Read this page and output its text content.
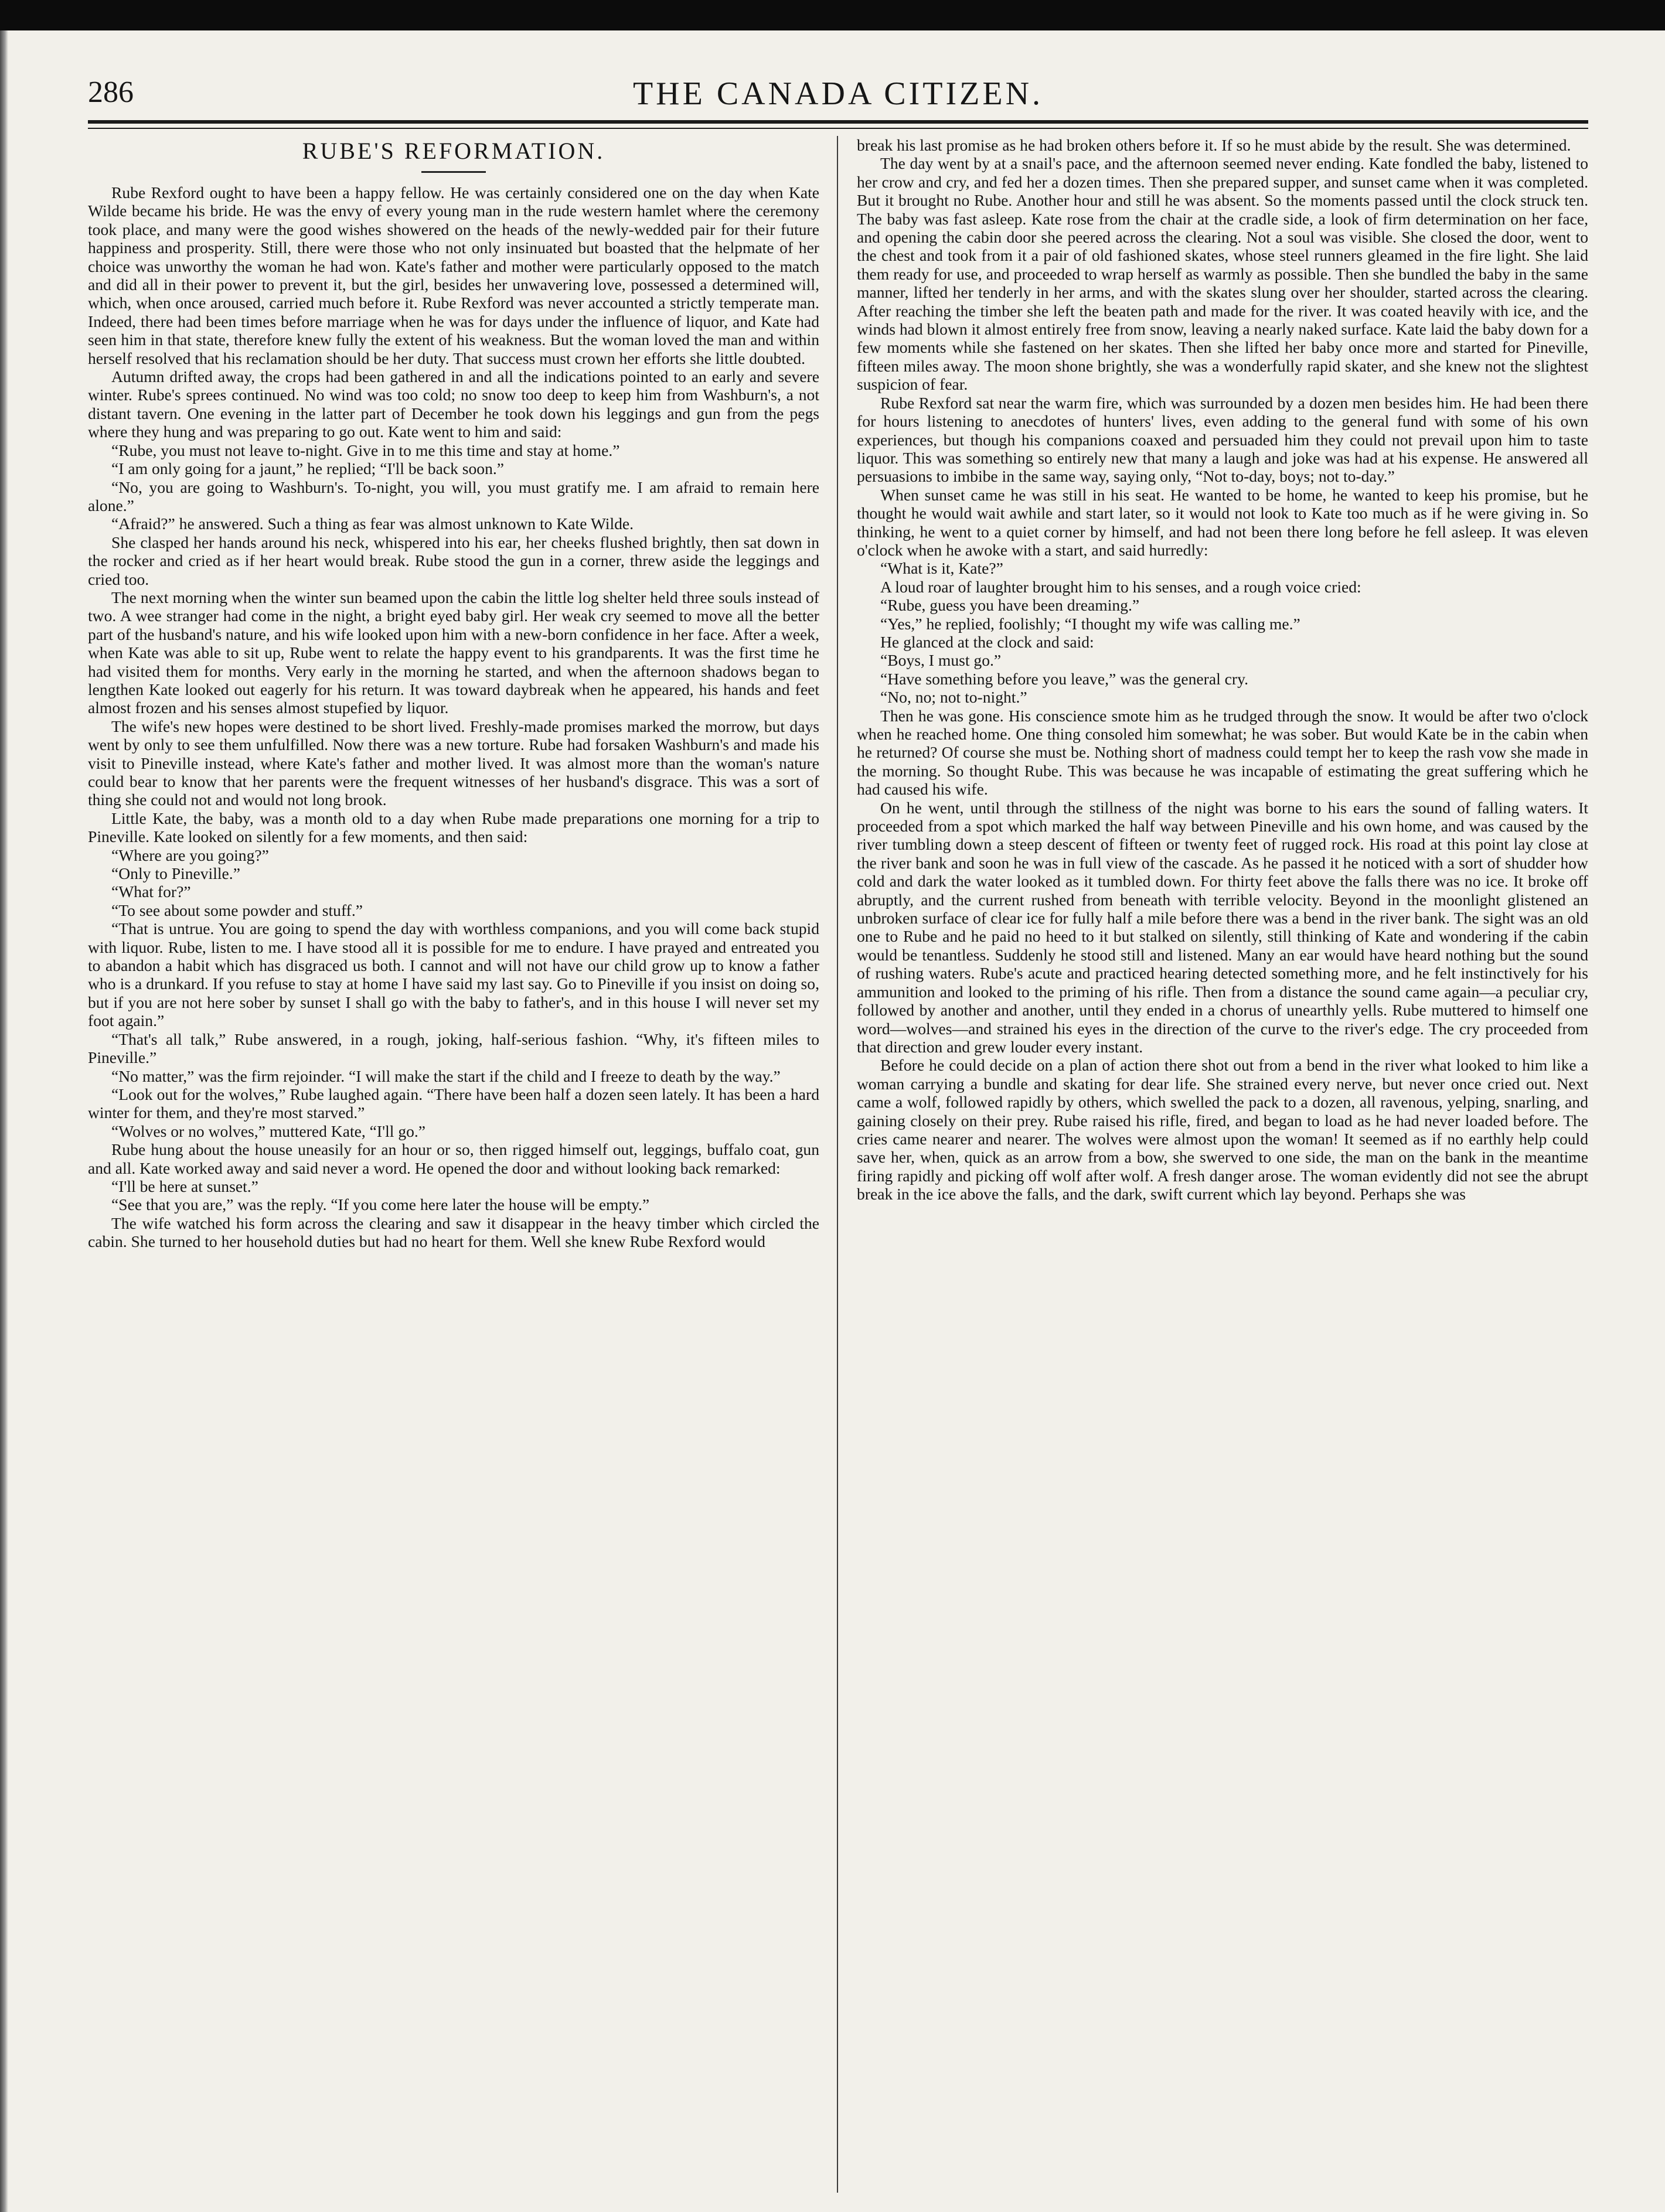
286	THE CANADA CITIZEN.
RUBE'S REFORMATION.

Rube Rexford ought to have been a happy fellow. He was certainly considered one on the day when Kate Wilde became his bride. He was the envy of every young man in the rude western hamlet where the ceremony took place, and many were the good wishes showered on the heads of the newly-wedded pair for their future happiness and prosperity. Still, there were those who not only insinuated but boasted that the helpmate of her choice was unworthy the woman he had won. Kate's father and mother were particularly opposed to the match and did all in their power to prevent it, but the girl, besides her unwavering love, possessed a determined will, which, when once aroused, carried much before it. Rube Rexford was never accounted a strictly temperate man. Indeed, there had been times before marriage when he was for days under the influence of liquor, and Kate had seen him in that state, therefore knew fully the extent of his weakness. But the woman loved the man and within herself resolved that his reclamation should be her duty. That success must crown her efforts she little doubted.

Autumn drifted away, the crops had been gathered in and all the indications pointed to an early and severe winter. Rube's sprees continued. No wind was too cold; no snow too deep to keep him from Washburn's, a not distant tavern. One evening in the latter part of December he took down his leggings and gun from the pegs where they hung and was preparing to go out. Kate went to him and said:

“Rube, you must not leave to-night. Give in to me this time and stay at home.”

“I am only going for a jaunt,” he replied; “I'll be back soon.”

“No, you are going to Washburn's. To-night, you will, you must gratify me. I am afraid to remain here alone.”

“Afraid?” he answered. Such a thing as fear was almost unknown to Kate Wilde.

She clasped her hands around his neck, whispered into his ear, her cheeks flushed brightly, then sat down in the rocker and cried as if her heart would break. Rube stood the gun in a corner, threw aside the leggings and cried too.

The next morning when the winter sun beamed upon the cabin the little log shelter held three souls instead of two. A wee stranger had come in the night, a bright eyed baby girl. Her weak cry seemed to move all the better part of the husband's nature, and his wife looked upon him with a new-born confidence in her face. After a week, when Kate was able to sit up, Rube went to relate the happy event to his grandparents. It was the first time he had visited them for months. Very early in the morning he started, and when the afternoon shadows began to lengthen Kate looked out eagerly for his return. It was toward daybreak when he appeared, his hands and feet almost frozen and his senses almost stupefied by liquor.

The wife's new hopes were destined to be short lived. Freshly-made promises marked the morrow, but days went by only to see them unfulfilled. Now there was a new torture. Rube had forsaken Washburn's and made his visit to Pineville instead, where Kate's father and mother lived. It was almost more than the woman's nature could bear to know that her parents were the frequent witnesses of her husband's disgrace. This was a sort of thing she could not and would not long brook.

Little Kate, the baby, was a month old to a day when Rube made preparations one morning for a trip to Pineville. Kate looked on silently for a few moments, and then said:

“Where are you going?”

“Only to Pineville.”

“What for?”

“To see about some powder and stuff.”

“That is untrue. You are going to spend the day with worthless companions, and you will come back stupid with liquor. Rube, listen to me. I have stood all it is possible for me to endure. I have prayed and entreated you to abandon a habit which has disgraced us both. I cannot and will not have our child grow up to know a father who is a drunkard. If you refuse to stay at home I have said my last say. Go to Pineville if you insist on doing so, but if you are not here sober by sunset I shall go with the baby to father's, and in this house I will never set my foot again.”

“That's all talk,” Rube answered, in a rough, joking, half-serious fashion. “Why, it's fifteen miles to Pineville.”

“No matter,” was the firm rejoinder. “I will make the start if the child and I freeze to death by the way.”

“Look out for the wolves,” Rube laughed again. “There have been half a dozen seen lately. It has been a hard winter for them, and they're most starved.”

“Wolves or no wolves,” muttered Kate, “I'll go.”

Rube hung about the house uneasily for an hour or so, then rigged himself out, leggings, buffalo coat, gun and all. Kate worked away and said never a word. He opened the door and without looking back remarked:

“I'll be here at sunset.”

“See that you are,” was the reply. “If you come here later the house will be empty.”

The wife watched his form across the clearing and saw it disappear in the heavy timber which circled the cabin. She turned to her household duties but had no heart for them. Well she knew Rube Rexford would

break his last promise as he had broken others before it. If so he must abide by the result. She was determined.

The day went by at a snail's pace, and the afternoon seemed never ending. Kate fondled the baby, listened to her crow and cry, and fed her a dozen times. Then she prepared supper, and sunset came when it was completed. But it brought no Rube. Another hour and still he was absent. So the moments passed until the clock struck ten. The baby was fast asleep. Kate rose from the chair at the cradle side, a look of firm determination on her face, and opening the cabin door she peered across the clearing. Not a soul was visible. She closed the door, went to the chest and took from it a pair of old fashioned skates, whose steel runners gleamed in the fire light. She laid them ready for use, and proceeded to wrap herself as warmly as possible. Then she bundled the baby in the same manner, lifted her tenderly in her arms, and with the skates slung over her shoulder, started across the clearing. After reaching the timber she left the beaten path and made for the river. It was coated heavily with ice, and the winds had blown it almost entirely free from snow, leaving a nearly naked surface. Kate laid the baby down for a few moments while she fastened on her skates. Then she lifted her baby once more and started for Pineville, fifteen miles away. The moon shone brightly, she was a wonderfully rapid skater, and she knew not the slightest suspicion of fear.

Rube Rexford sat near the warm fire, which was surrounded by a dozen men besides him. He had been there for hours listening to anecdotes of hunters' lives, even adding to the general fund with some of his own experiences, but though his companions coaxed and persuaded him they could not prevail upon him to taste liquor. This was something so entirely new that many a laugh and joke was had at his expense. He answered all persuasions to imbibe in the same way, saying only, “Not to-day, boys; not to-day.”

When sunset came he was still in his seat. He wanted to be home, he wanted to keep his promise, but he thought he would wait awhile and start later, so it would not look to Kate too much as if he were giving in. So thinking, he went to a quiet corner by himself, and had not been there long before he fell asleep. It was eleven o'clock when he awoke with a start, and said hurredly:

“What is it, Kate?”

A loud roar of laughter brought him to his senses, and a rough voice cried:

“Rube, guess you have been dreaming.”

“Yes,” he replied, foolishly; “I thought my wife was calling me.”

He glanced at the clock and said:

“Boys, I must go.”

“Have something before you leave,” was the general cry.

“No, no; not to-night.”

Then he was gone. His conscience smote him as he trudged through the snow. It would be after two o'clock when he reached home. One thing consoled him somewhat; he was sober. But would Kate be in the cabin when he returned? Of course she must be. Nothing short of madness could tempt her to keep the rash vow she made in the morning. So thought Rube. This was because he was incapable of estimating the great suffering which he had caused his wife.

On he went, until through the stillness of the night was borne to his ears the sound of falling waters. It proceeded from a spot which marked the half way between Pineville and his own home, and was caused by the river tumbling down a steep descent of fifteen or twenty feet of rugged rock. His road at this point lay close at the river bank and soon he was in full view of the cascade. As he passed it he noticed with a sort of shudder how cold and dark the water looked as it tumbled down. For thirty feet above the falls there was no ice. It broke off abruptly, and the current rushed from beneath with terrible velocity. Beyond in the moonlight glistened an unbroken surface of clear ice for fully half a mile before there was a bend in the river bank. The sight was an old one to Rube and he paid no heed to it but stalked on silently, still thinking of Kate and wondering if the cabin would be tenantless. Suddenly he stood still and listened. Many an ear would have heard nothing but the sound of rushing waters. Rube's acute and practiced hearing detected something more, and he felt instinctively for his ammunition and looked to the priming of his rifle. Then from a distance the sound came again—a peculiar cry, followed by another and another, until they ended in a chorus of unearthly yells. Rube muttered to himself one word—wolves—and strained his eyes in the direction of the curve to the river's edge. The cry proceeded from that direction and grew louder every instant.

Before he could decide on a plan of action there shot out from a bend in the river what looked to him like a woman carrying a bundle and skating for dear life. She strained every nerve, but never once cried out. Next came a wolf, followed rapidly by others, which swelled the pack to a dozen, all ravenous, yelping, snarling, and gaining closely on their prey. Rube raised his rifle, fired, and began to load as he had never loaded before. The cries came nearer and nearer. The wolves were almost upon the woman! It seemed as if no earthly help could save her, when, quick as an arrow from a bow, she swerved to one side, the man on the bank in the meantime firing rapidly and picking off wolf after wolf. A fresh danger arose. The woman evidently did not see the abrupt break in the ice above the falls, and the dark, swift current which lay beyond. Perhaps she was
